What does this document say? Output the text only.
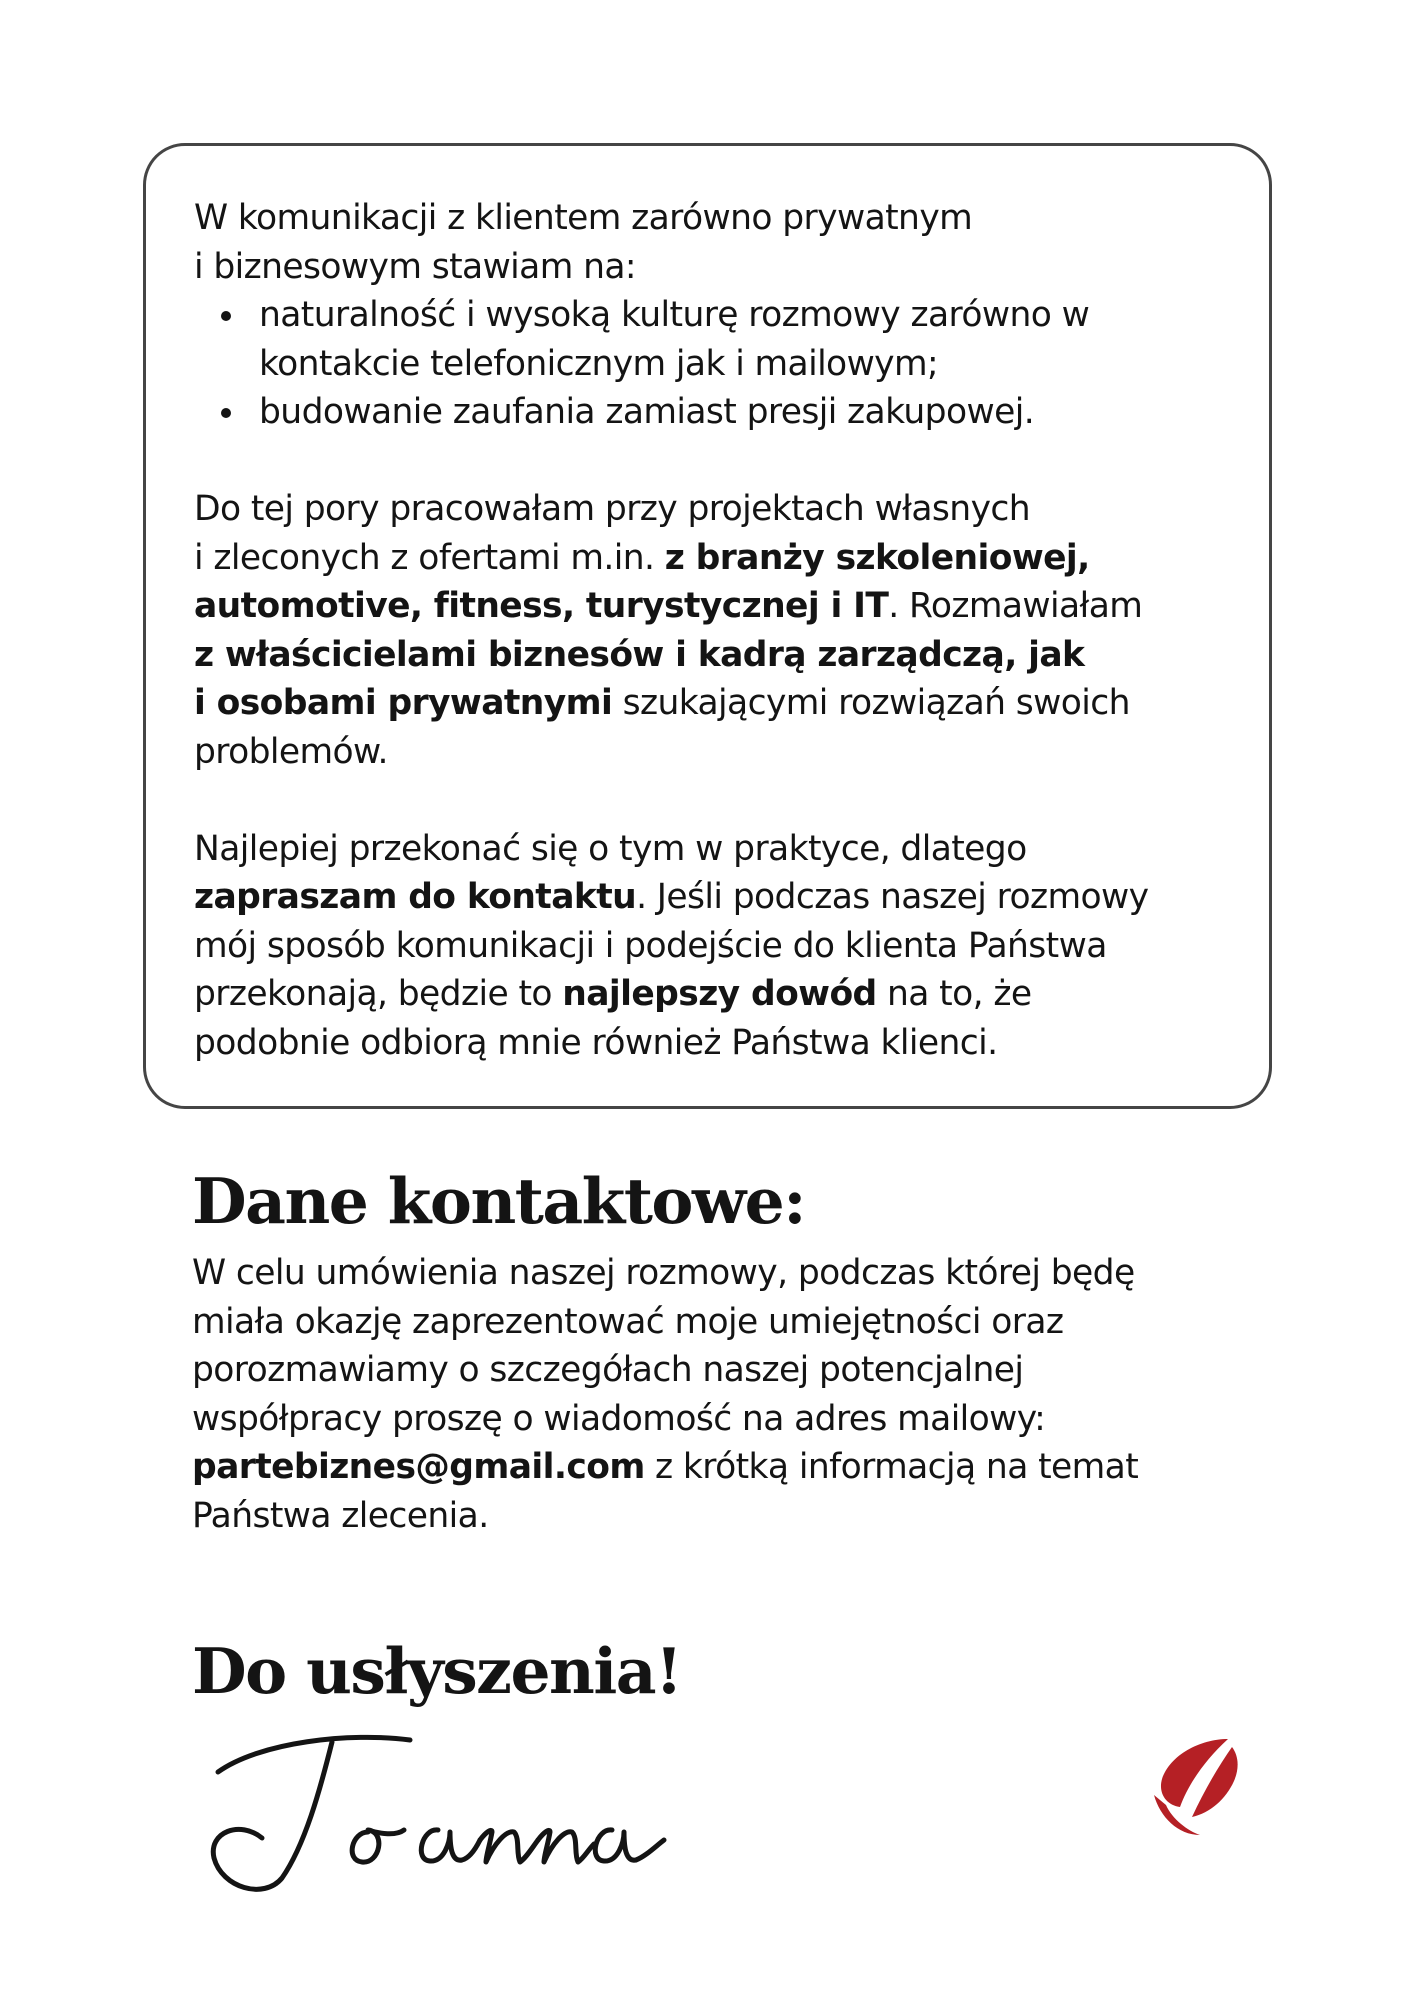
W komunikacji z klientem zarówno prywatnym
i biznesowym stawiam na:

naturalność i wysoką kulturę rozmowy zarówno w
kontakcie telefonicznym jak i mailowym;
budowanie zaufania zamiast presji zakupowej.

Do tej pory pracowałam przy projektach własnych
i zleconych z ofertami m.in. z branży szkoleniowej,
automotive, fitness, turystycznej i IT. Rozmawiałam
z właścicielami biznesów i kadrą zarządczą, jak
i osobami prywatnymi szukającymi rozwiązań swoich
problemów.

Najlepiej przekonać się o tym w praktyce, dlatego
zapraszam do kontaktu. Jeśli podczas naszej rozmowy
mój sposób komunikacji i podejście do klienta Państwa
przekonają, będzie to najlepszy dowód na to, że
podobnie odbiorą mnie również Państwa klienci.

Dane kontaktowe:

W celu umówienia naszej rozmowy, podczas której będę
miała okazję zaprezentować moje umiejętności oraz
porozmawiamy o szczegółach naszej potencjalnej
współpracy proszę o wiadomość na adres mailowy:
partebiznes@gmail.com z krótką informacją na temat
Państwa zlecenia.

Do usłyszenia!
